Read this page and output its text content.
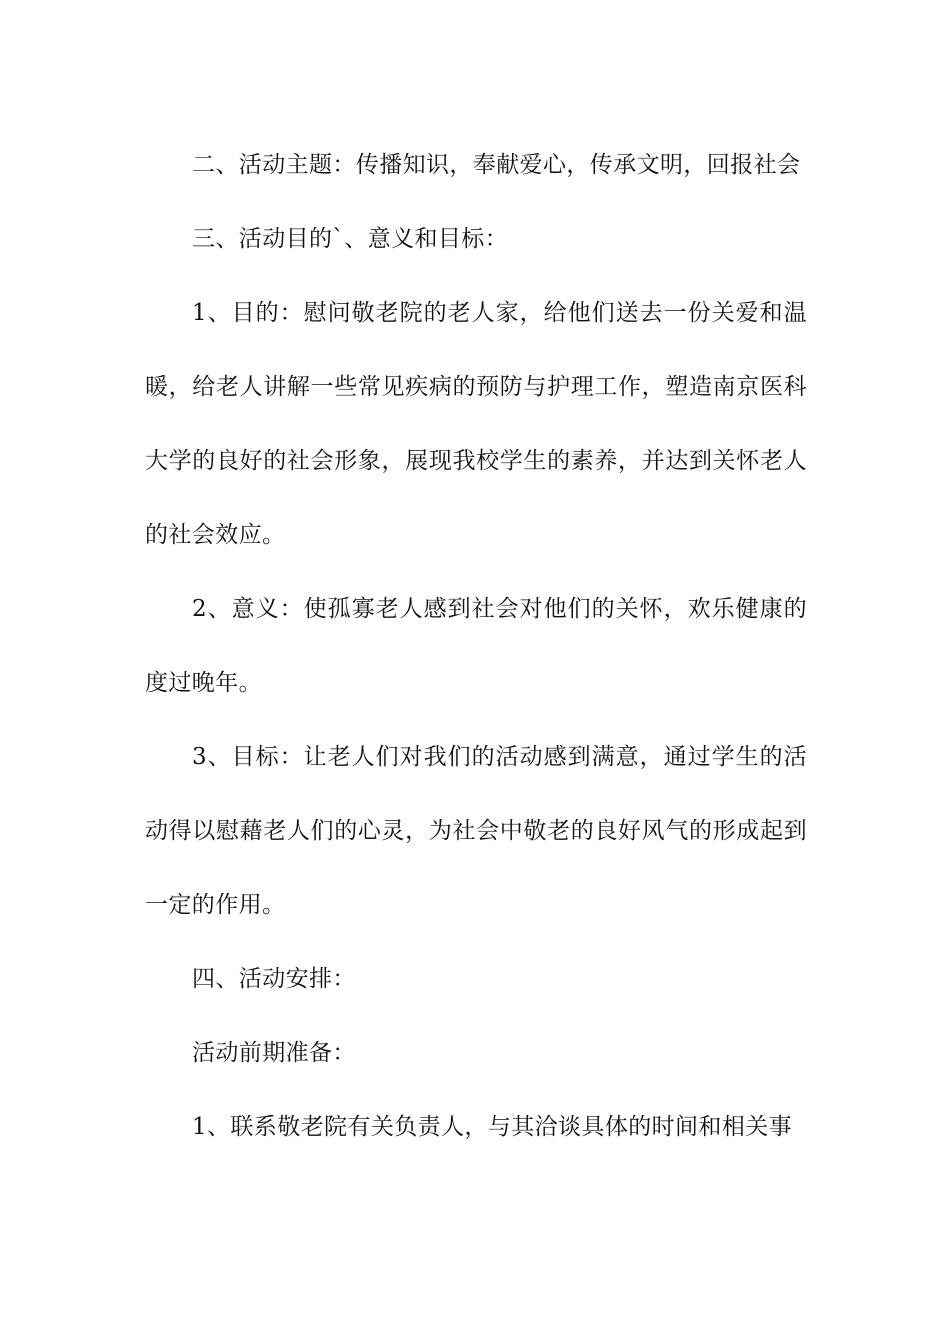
二、活动主题：传播知识，奉献爱心，传承文明，回报社会

三、活动目的`、意义和目标：

1、目的：慰问敬老院的老人家，给他们送去一份关爱和温暖，给老人讲解一些常见疾病的预防与护理工作，塑造南京医科大学的良好的社会形象，展现我校学生的素养，并达到关怀老人的社会效应。

2、意义：使孤寡老人感到社会对他们的关怀，欢乐健康的度过晚年。

3、目标：让老人们对我们的活动感到满意，通过学生的活动得以慰藉老人们的心灵，为社会中敬老的良好风气的形成起到一定的作用。

四、活动安排：

活动前期准备：

1、联系敬老院有关负责人，与其洽谈具体的时间和相关事
